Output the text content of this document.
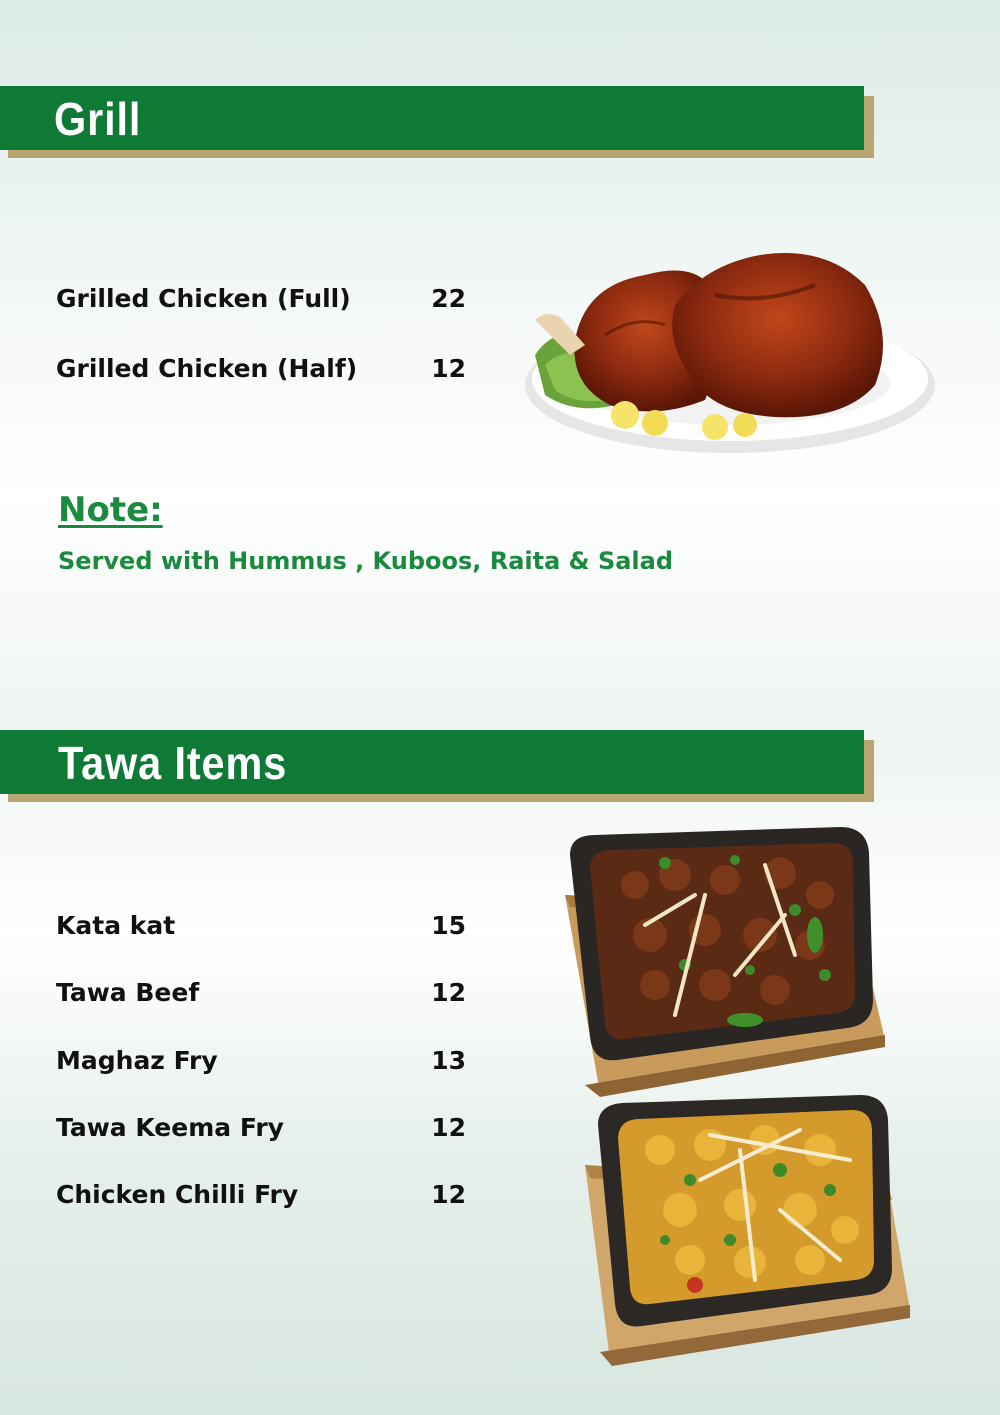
Grill
Grilled Chicken (Full)	22
Grilled Chicken (Half)	12
Note:
Served with Hummus , Kuboos, Raita & Salad
Tawa Items
Kata kat	15
Tawa Beef	12
Maghaz Fry	13
Tawa Keema Fry	12
Chicken Chilli Fry	12
